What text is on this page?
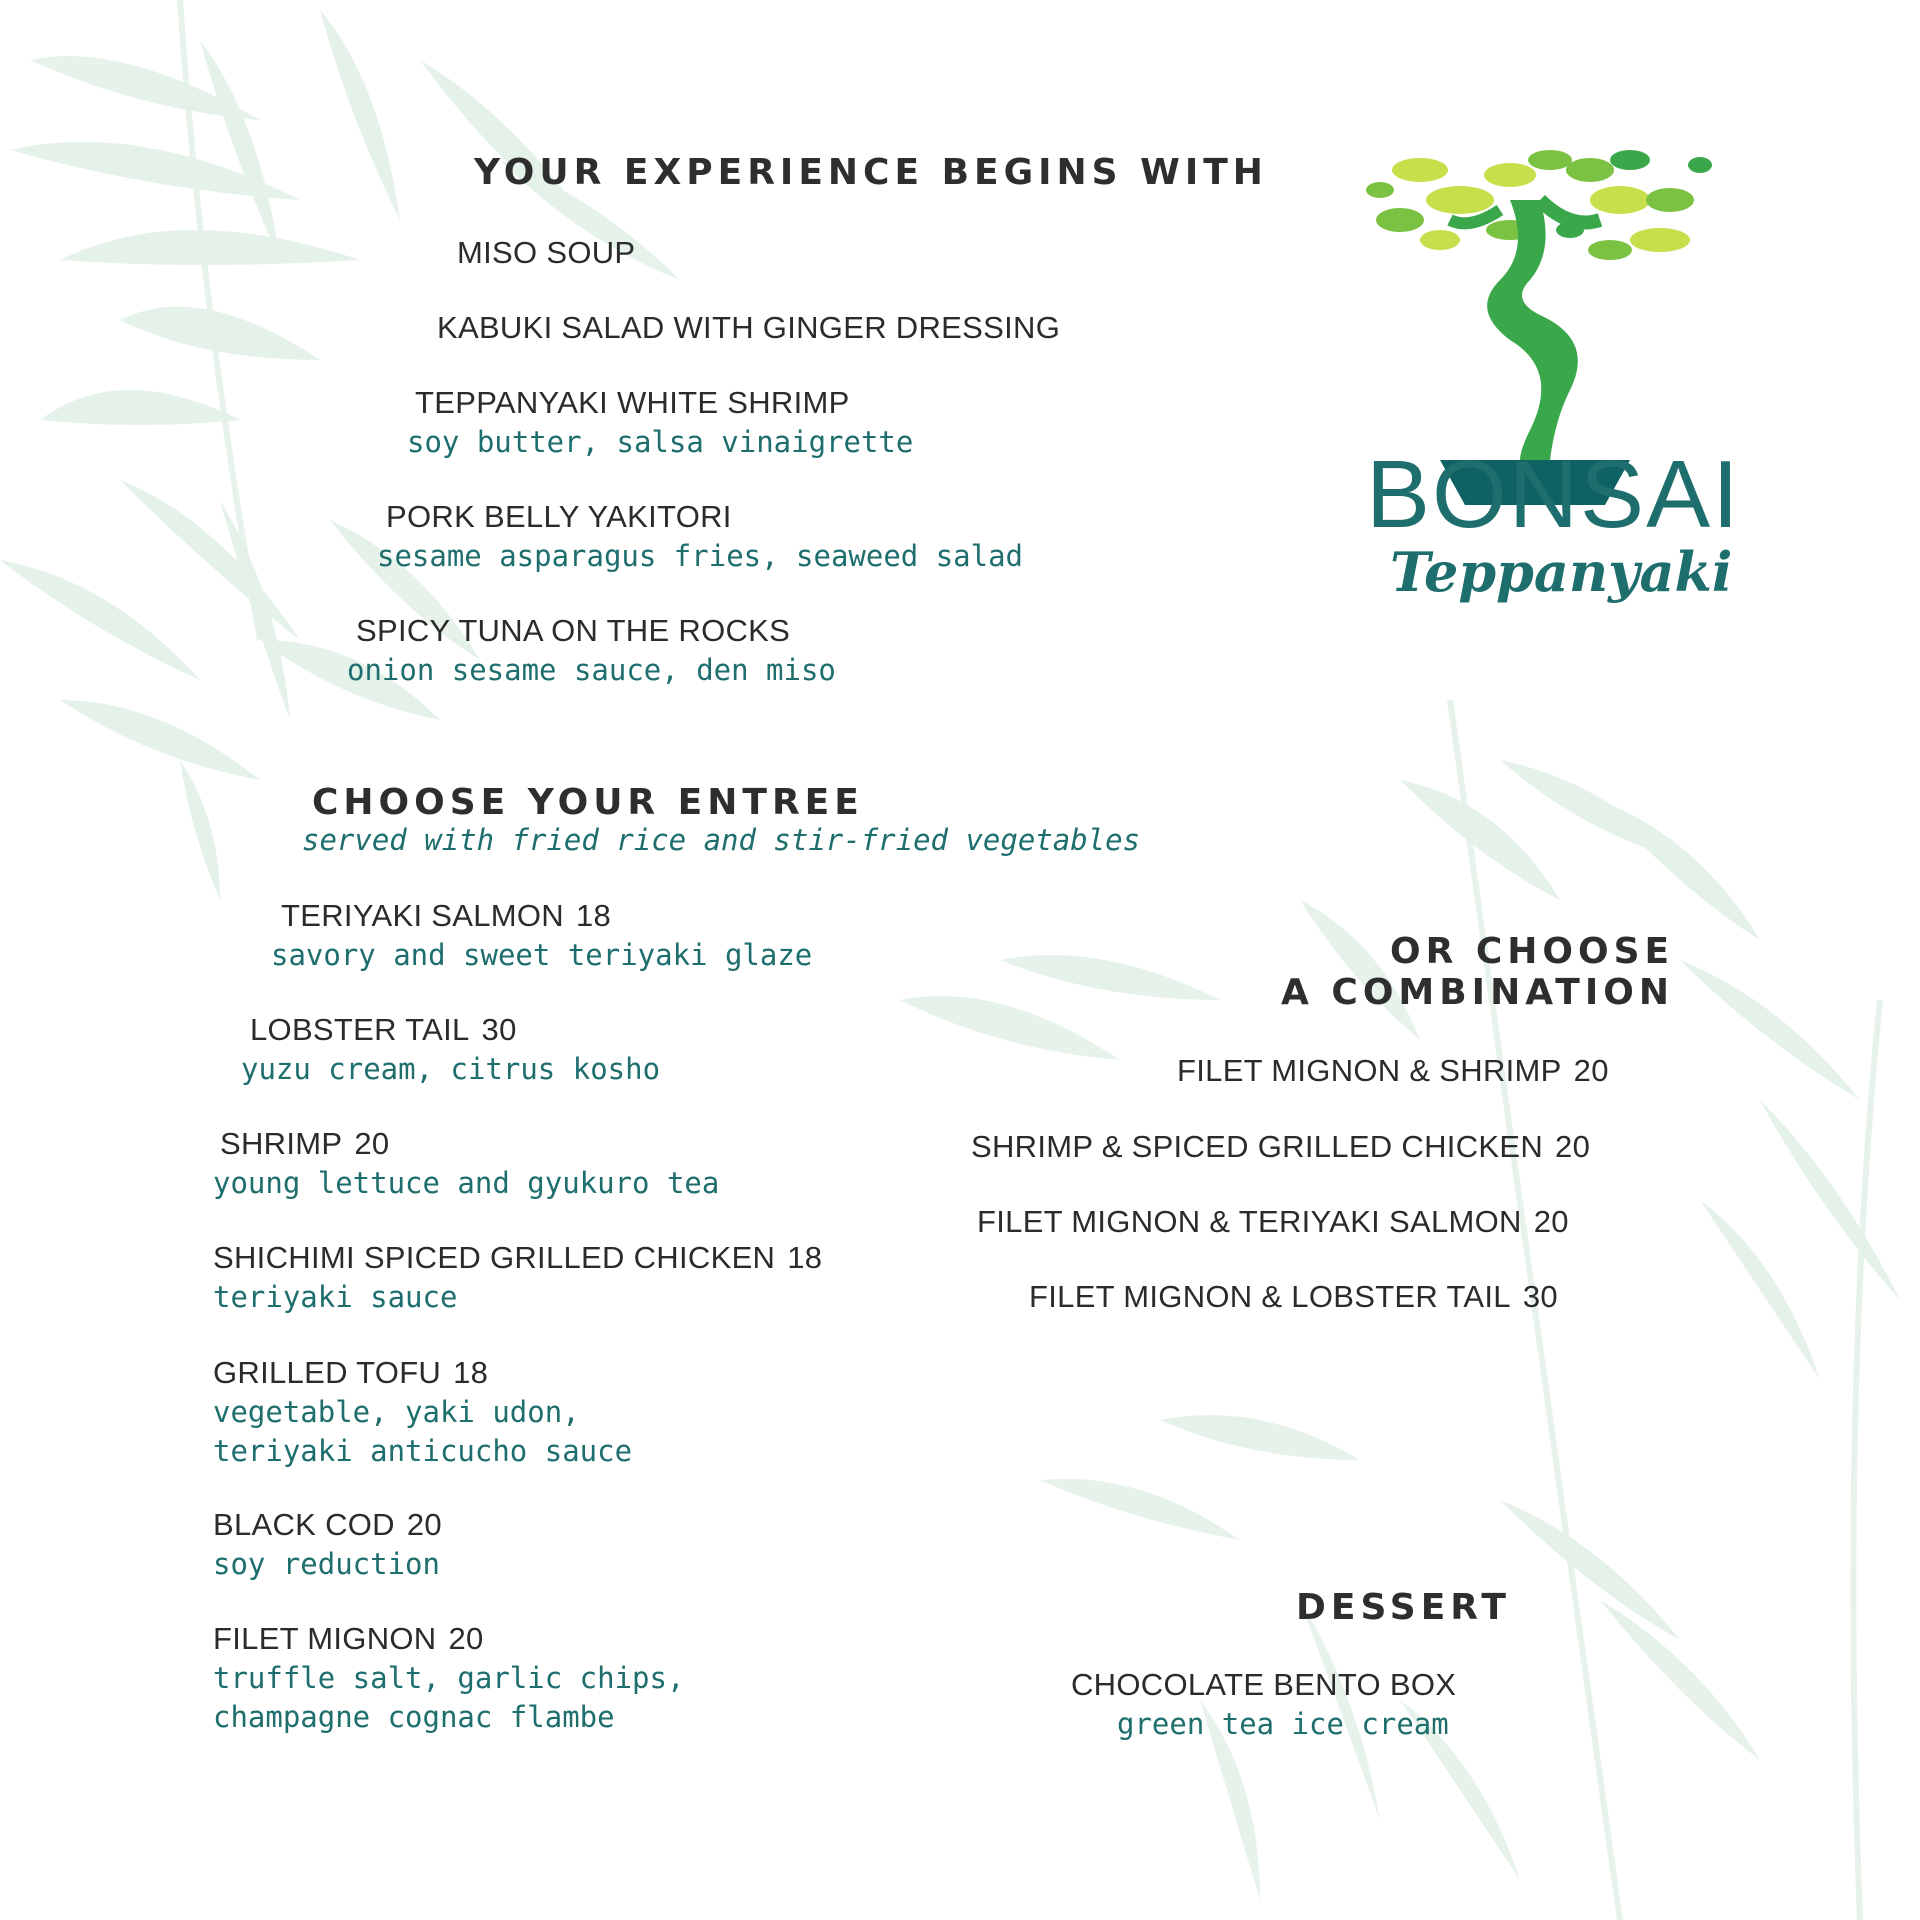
BONSAI
Teppanyaki
YOUR EXPERIENCE BEGINS WITH
MISO SOUP
KABUKI SALAD WITH GINGER DRESSING
TEPPANYAKI WHITE SHRIMP
soy butter, salsa vinaigrette
PORK BELLY YAKITORI
sesame asparagus fries, seaweed salad
SPICY TUNA ON THE ROCKS
onion sesame sauce, den miso
CHOOSE YOUR ENTREE
served with fried rice and stir-fried vegetables
TERIYAKI SALMON 18
savory and sweet teriyaki glaze
LOBSTER TAIL 30
yuzu cream, citrus kosho
SHRIMP 20
young lettuce and gyukuro tea
SHICHIMI SPICED GRILLED CHICKEN 18
teriyaki sauce
GRILLED TOFU 18
vegetable, yaki udon,
teriyaki anticucho sauce
BLACK COD 20
soy reduction
FILET MIGNON 20
truffle salt, garlic chips,
champagne cognac flambe
OR CHOOSE
A COMBINATION
FILET MIGNON & SHRIMP 20
SHRIMP & SPICED GRILLED CHICKEN 20
FILET MIGNON & TERIYAKI SALMON 20
FILET MIGNON & LOBSTER TAIL 30
DESSERT
CHOCOLATE BENTO BOX
green tea ice cream
